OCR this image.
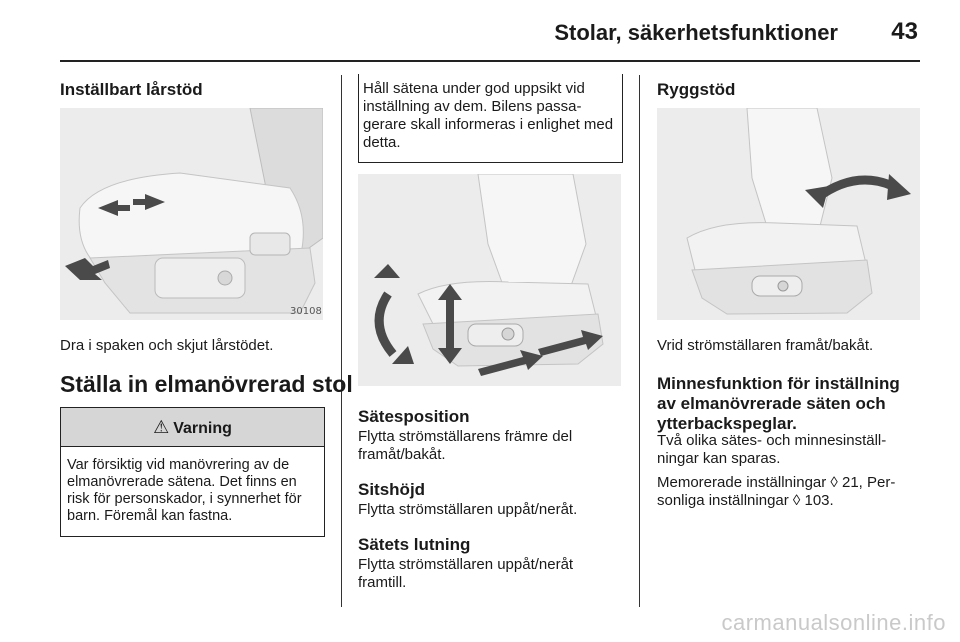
Stolar, säkerhetsfunktioner 43
Inställbart lårstöd
30108
Dra i spaken och skjut lårstödet.
Ställa in elmanövrerad stol
⚠ Varning
Var försiktig vid manövrering av de elmanövrerade sätena. Det finns en risk för personskador, i synnerhet för barn. Föremål kan fastna.
Håll sätena under god uppsikt vid inställning av dem. Bilens passagerare skall informeras i enlighet med detta.
Sätesposition
Flytta strömställarens främre del framåt/bakåt.
Sitshöjd
Flytta strömställaren uppåt/neråt.
Sätets lutning
Flytta strömställaren uppåt/neråt framtill.
Ryggstöd
Vrid strömställaren framåt/bakåt.
Minnesfunktion för inställning av elmanövrerade säten och ytterbackspeglar.
Två olika sätes- och minnesinställningar kan sparas.
Memorerade inställningar ◊ 21, Personliga inställningar ◊ 103.
carmanualsonline.info
